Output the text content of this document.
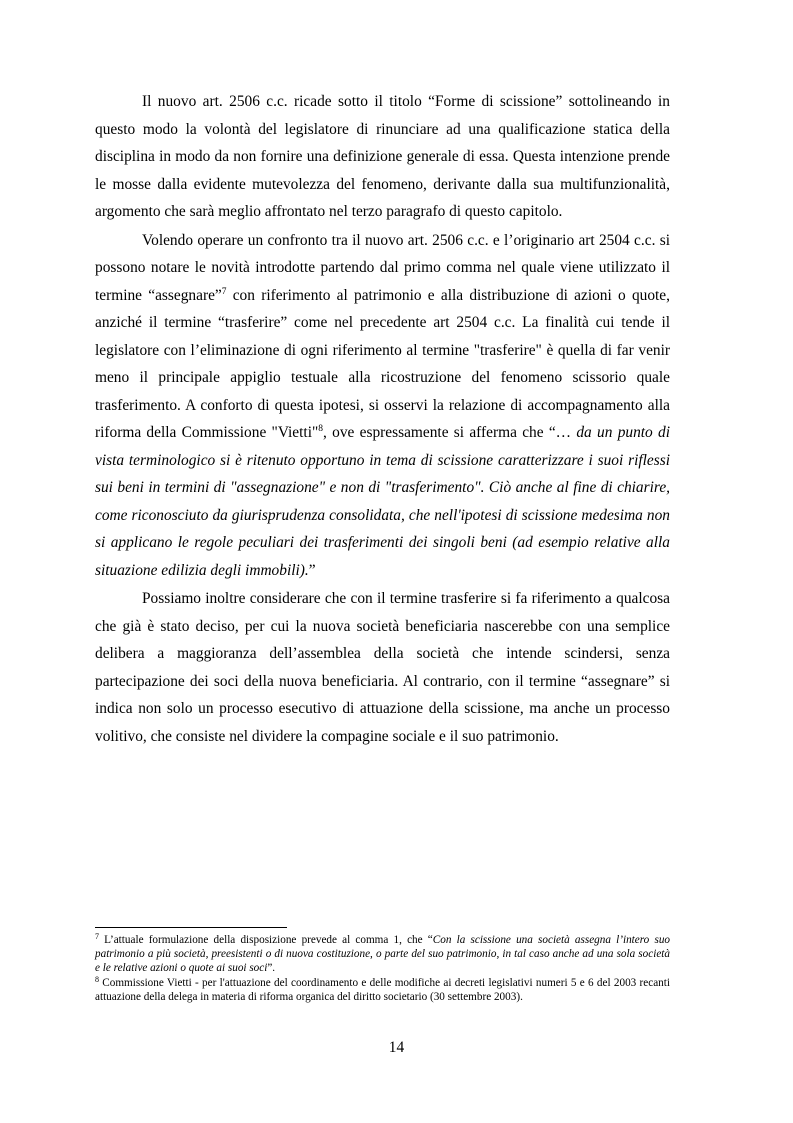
Il nuovo art. 2506 c.c. ricade sotto il titolo “Forme di scissione” sottolineando in questo modo la volontà del legislatore di rinunciare ad una qualificazione statica della disciplina in modo da non fornire una definizione generale di essa. Questa intenzione prende le mosse dalla evidente mutevolezza del fenomeno, derivante dalla sua multifunzionalità, argomento che sarà meglio affrontato nel terzo paragrafo di questo capitolo.

Volendo operare un confronto tra il nuovo art. 2506 c.c. e l’originario art 2504 c.c. si possono notare le novità introdotte partendo dal primo comma nel quale viene utilizzato il termine “assegnare”$^7$ con riferimento al patrimonio e alla distribuzione di azioni o quote, anziché il termine “trasferire” come nel precedente art 2504 c.c. La finalità cui tende il legislatore con l’eliminazione di ogni riferimento al termine "trasferire" è quella di far venir meno il principale appiglio testuale alla ricostruzione del fenomeno scissorio quale trasferimento. A conforto di questa ipotesi, si osservi la relazione di accompagnamento alla riforma della Commissione "Vietti"$^8$, ove espressamente si afferma che “… da un punto di vista terminologico si è ritenuto opportuno in tema di scissione caratterizzare i suoi riflessi sui beni in termini di "assegnazione" e non di "trasferimento". Ciò anche al fine di chiarire, come riconosciuto da giurisprudenza consolidata, che nell'ipotesi di scissione medesima non si applicano le regole peculiari dei trasferimenti dei singoli beni (ad esempio relative alla situazione edilizia degli immobili).”

Possiamo inoltre considerare che con il termine trasferire si fa riferimento a qualcosa che già è stato deciso, per cui la nuova società beneficiaria nascerebbe con una semplice delibera a maggioranza dell’assemblea della società che intende scindersi, senza partecipazione dei soci della nuova beneficiaria. Al contrario, con il termine “assegnare” si indica non solo un processo esecutivo di attuazione della scissione, ma anche un processo volitivo, che consiste nel dividere la compagine sociale e il suo patrimonio.

$^7$ L’attuale formulazione della disposizione prevede al comma 1, che “Con la scissione una società assegna l’intero suo patrimonio a più società, preesistenti o di nuova costituzione, o parte del suo patrimonio, in tal caso anche ad una sola società e le relative azioni o quote ai suoi soci”.

$^8$ Commissione Vietti - per l'attuazione del coordinamento e delle modifiche ai decreti legislativi numeri 5 e 6 del 2003 recanti attuazione della delega in materia di riforma organica del diritto societario (30 settembre 2003).

14
